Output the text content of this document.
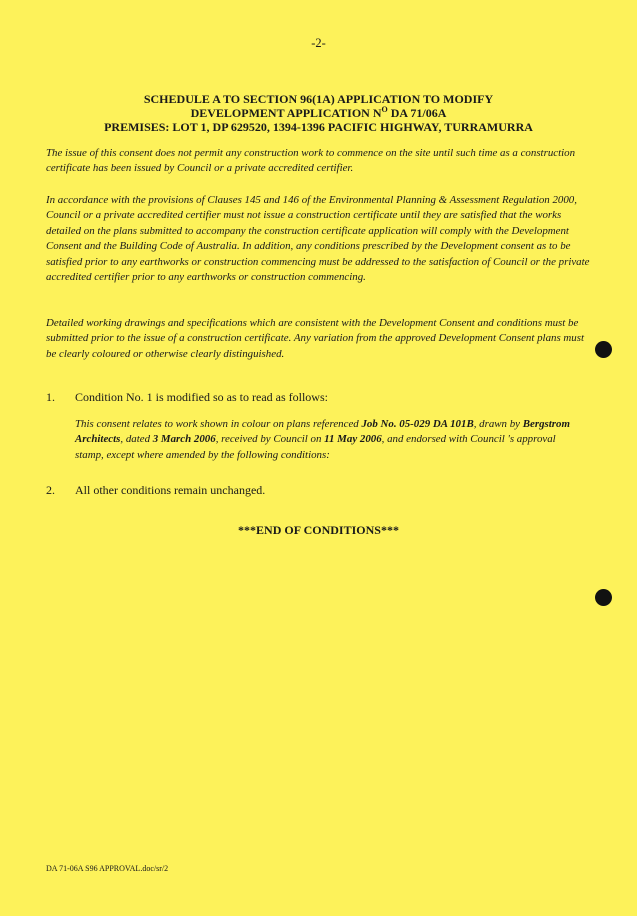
-2-
SCHEDULE A TO SECTION 96(1A) APPLICATION TO MODIFY
DEVELOPMENT APPLICATION $N^O$ DA 71/06A
PREMISES: LOT 1, DP 629520, 1394-1396 PACIFIC HIGHWAY, TURRAMURRA
The issue of this consent does not permit any construction work to commence on the site until such time as a construction certificate has been issued by Council or a private accredited certifier.
In accordance with the provisions of Clauses 145 and 146 of the Environmental Planning & Assessment Regulation 2000, Council or a private accredited certifier must not issue a construction certificate until they are satisfied that the works detailed on the plans submitted to accompany the construction certificate application will comply with the Development Consent and the Building Code of Australia. In addition, any conditions prescribed by the Development consent as to be satisfied prior to any earthworks or construction commencing must be addressed to the satisfaction of Council or the private accredited certifier prior to any earthworks or construction commencing.
Detailed working drawings and specifications which are consistent with the Development Consent and conditions must be submitted prior to the issue of a construction certificate. Any variation from the approved Development Consent plans must be clearly coloured or otherwise clearly distinguished.
1. Condition No. 1 is modified so as to read as follows:
This consent relates to work shown in colour on plans referenced Job No. 05-029 DA 101B, drawn by Bergstrom Architects, dated 3 March 2006, received by Council on 11 May 2006, and endorsed with Council 's approval stamp, except where amended by the following conditions:
2. All other conditions remain unchanged.
***END OF CONDITIONS***
DA 71-06A S96 APPROVAL.doc/sr/2
